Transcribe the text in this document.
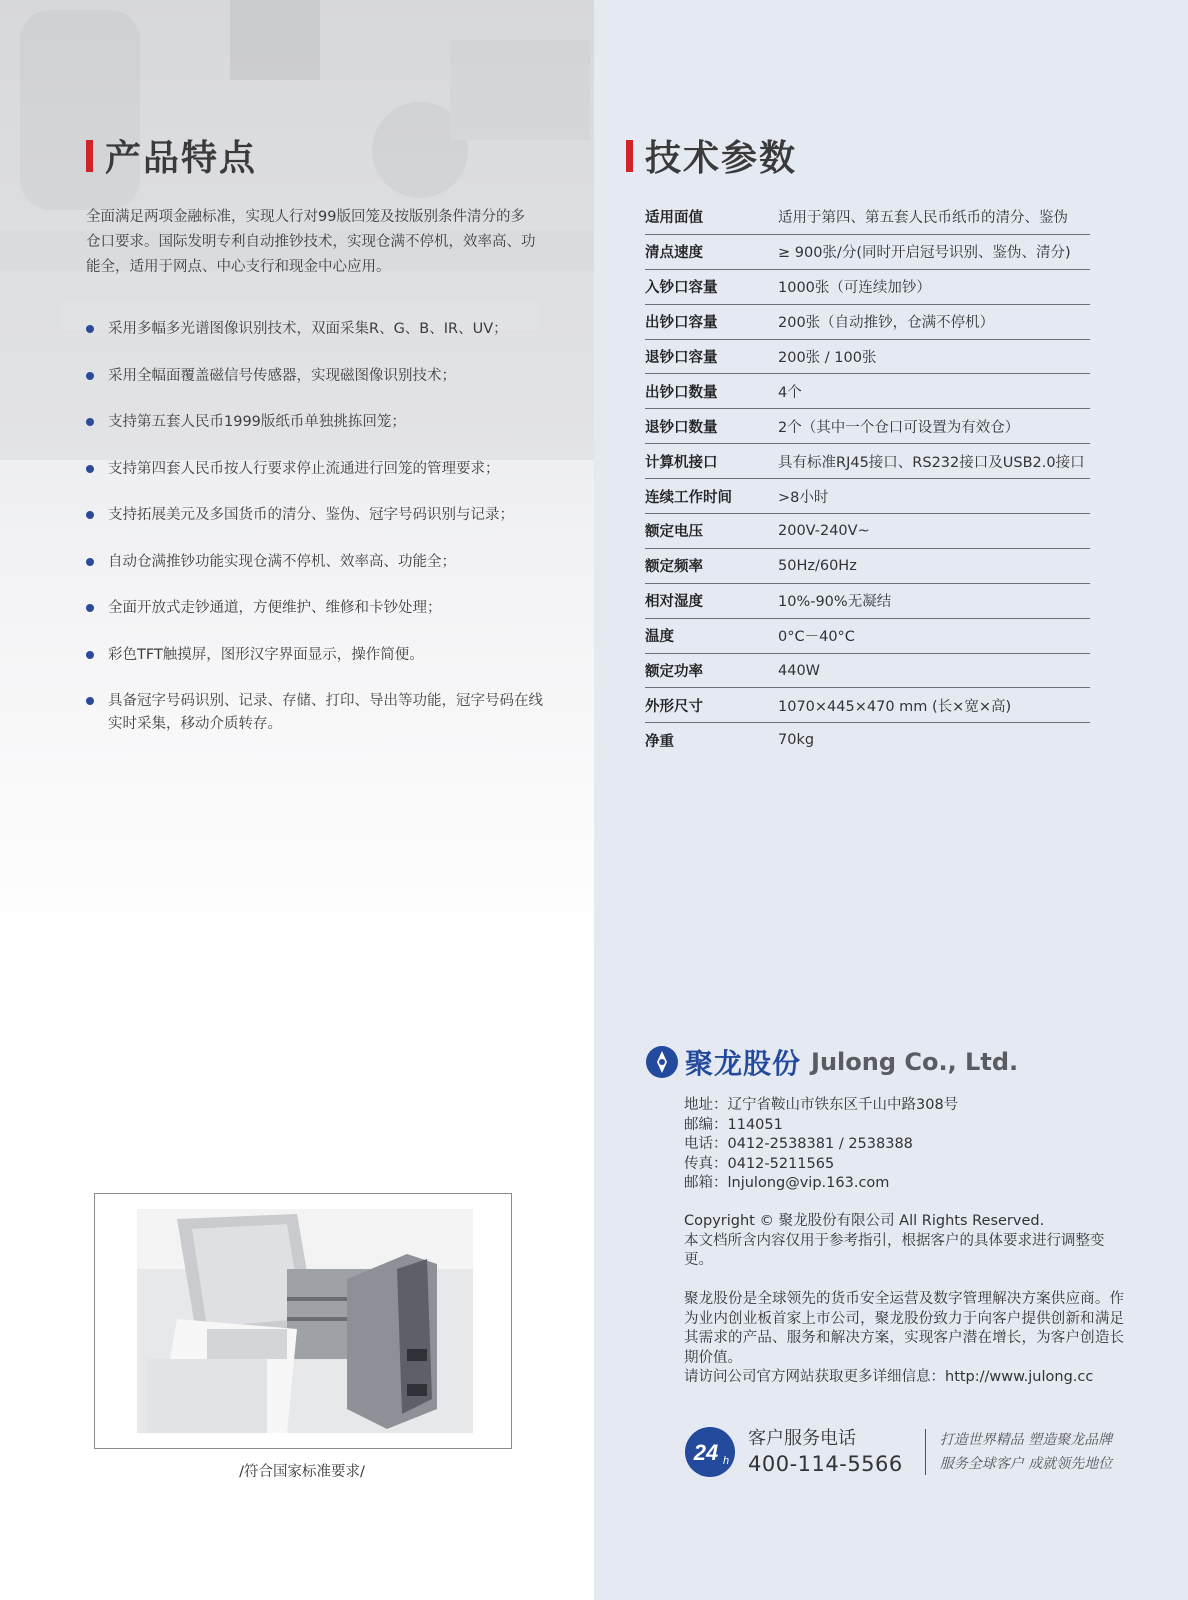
产品特点
全面满足两项金融标准，实现人行对99版回笼及按版别条件清分的多仓口要求。国际发明专利自动推钞技术，实现仓满不停机，效率高、功能全，适用于网点、中心支行和现金中心应用。
采用多幅多光谱图像识别技术，双面采集R、G、B、IR、UV；
采用全幅面覆盖磁信号传感器，实现磁图像识别技术；
支持第五套人民币1999版纸币单独挑拣回笼；
支持第四套人民币按人行要求停止流通进行回笼的管理要求；
支持拓展美元及多国货币的清分、鉴伪、冠字号码识别与记录；
自动仓满推钞功能实现仓满不停机、效率高、功能全；
全面开放式走钞通道，方便维护、维修和卡钞处理；
彩色TFT触摸屏，图形汉字界面显示，操作简便。
具备冠字号码识别、记录、存储、打印、导出等功能，冠字号码在线实时采集，移动介质转存。
/符合国家标准要求/
技术参数
适用面值	适用于第四、第五套人民币纸币的清分、鉴伪
清点速度	≥ 900张/分(同时开启冠号识别、鉴伪、清分)
入钞口容量	1000张（可连续加钞）
出钞口容量	200张（自动推钞，仓满不停机）
退钞口容量	200张 / 100张
出钞口数量	4个
退钞口数量	2个（其中一个仓口可设置为有效仓）
计算机接口	具有标准RJ45接口、RS232接口及USB2.0接口
连续工作时间	>8小时
额定电压	200V-240V~
额定频率	50Hz/60Hz
相对湿度	10%-90%无凝结
温度	0°C－40°C
额定功率	440W
外形尺寸	1070×445×470 mm (长×宽×高)
净重	70kg
聚龙股份 Julong Co., Ltd.
地址：辽宁省鞍山市铁东区千山中路308号
邮编：114051
电话：0412-2538381 / 2538388
传真：0412-5211565
邮箱：lnjulong@vip.163.com
Copyright © 聚龙股份有限公司 All Rights Reserved.
本文档所含内容仅用于参考指引，根据客户的具体要求进行调整变更。
聚龙股份是全球领先的货币安全运营及数字管理解决方案供应商。作为业内创业板首家上市公司，聚龙股份致力于向客户提供创新和满足其需求的产品、服务和解决方案，实现客户潜在增长，为客户创造长期价值。
请访问公司官方网站获取更多详细信息：http://www.julong.cc
24 h
客户服务电话
400-114-5566
打造世界精品 塑造聚龙品牌
服务全球客户 成就领先地位
